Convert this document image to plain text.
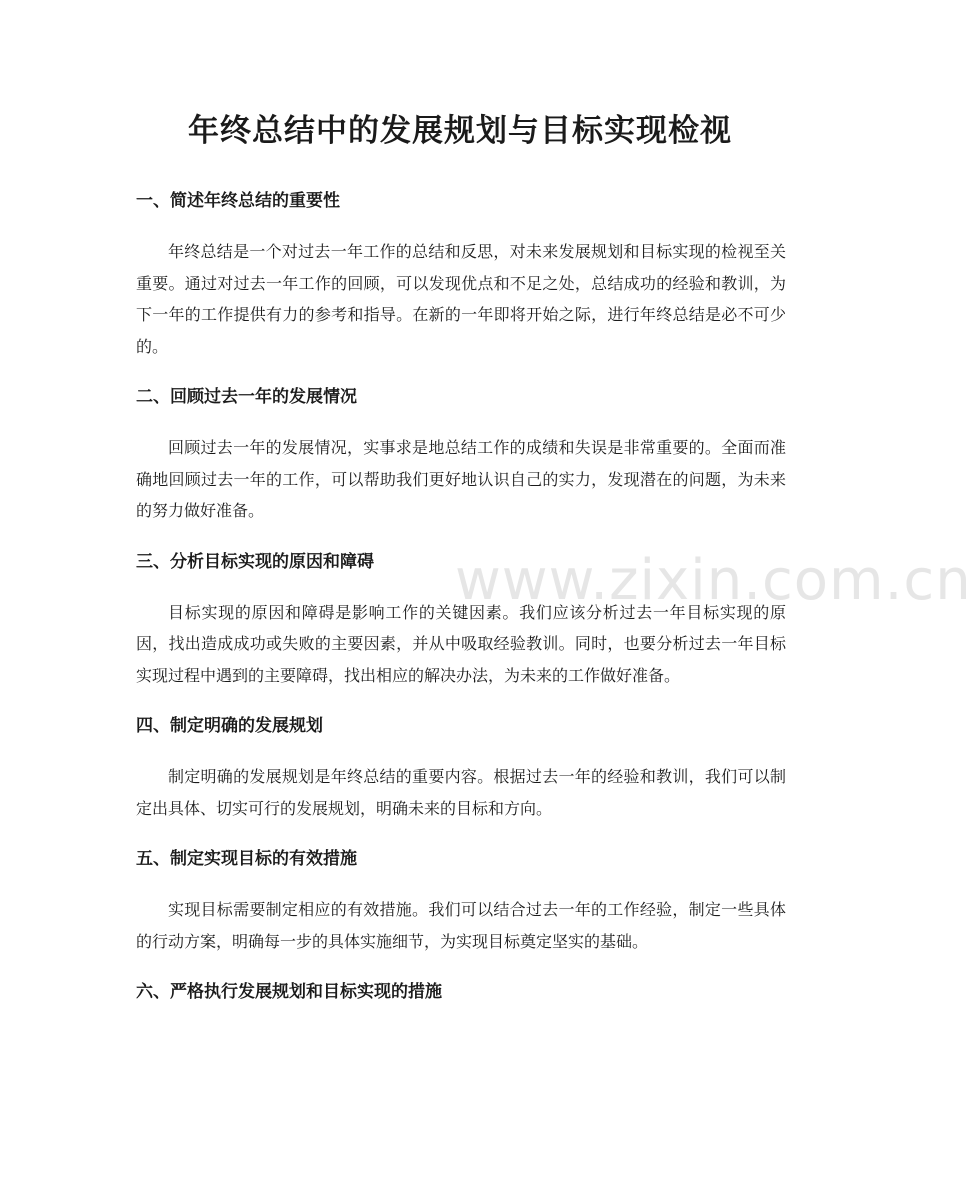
www.zixin.com.cn
年终总结中的发展规划与目标实现检视
一、简述年终总结的重要性

年终总结是一个对过去一年工作的总结和反思，对未来发展规划和目标实现的检视至关重要。通过对过去一年工作的回顾，可以发现优点和不足之处，总结成功的经验和教训，为下一年的工作提供有力的参考和指导。在新的一年即将开始之际，进行年终总结是必不可少的。

二、回顾过去一年的发展情况

回顾过去一年的发展情况，实事求是地总结工作的成绩和失误是非常重要的。全面而准确地回顾过去一年的工作，可以帮助我们更好地认识自己的实力，发现潜在的问题，为未来的努力做好准备。

三、分析目标实现的原因和障碍

目标实现的原因和障碍是影响工作的关键因素。我们应该分析过去一年目标实现的原因，找出造成成功或失败的主要因素，并从中吸取经验教训。同时，也要分析过去一年目标实现过程中遇到的主要障碍，找出相应的解决办法，为未来的工作做好准备。

四、制定明确的发展规划

制定明确的发展规划是年终总结的重要内容。根据过去一年的经验和教训，我们可以制定出具体、切实可行的发展规划，明确未来的目标和方向。

五、制定实现目标的有效措施

实现目标需要制定相应的有效措施。我们可以结合过去一年的工作经验，制定一些具体的行动方案，明确每一步的具体实施细节，为实现目标奠定坚实的基础。

六、严格执行发展规划和目标实现的措施
